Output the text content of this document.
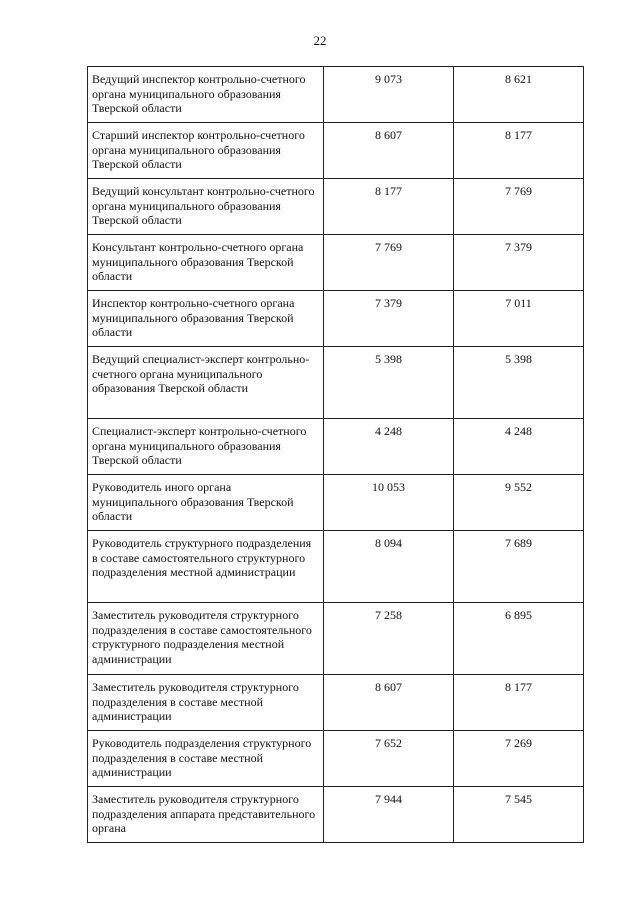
22
Ведущий инспектор контрольно-счетного органа муниципального образования Тверской области	9 073	8 621
Старший инспектор контрольно-счетного органа муниципального образования Тверской области	8 607	8 177
Ведущий консультант контрольно-счетного органа муниципального образования Тверской области	8 177	7 769
Консультант контрольно-счетного органа муниципального образования Тверской области	7 769	7 379
Инспектор контрольно-счетного органа муниципального образования Тверской области	7 379	7 011
Ведущий специалист-эксперт контрольно-счетного органа муниципального образования Тверской области	5 398	5 398
Специалист-эксперт контрольно-счетного органа муниципального образования Тверской области	4 248	4 248
Руководитель иного органа муниципального образования Тверской области	10 053	9 552
Руководитель структурного подразделения в составе самостоятельного структурного подразделения местной администрации	8 094	7 689
Заместитель руководителя структурного подразделения в составе самостоятельного структурного подразделения местной администрации	7 258	6 895
Заместитель руководителя структурного подразделения в составе местной администрации	8 607	8 177
Руководитель подразделения структурного подразделения в составе местной администрации	7 652	7 269
Заместитель руководителя структурного подразделения аппарата представительного органа	7 944	7 545
